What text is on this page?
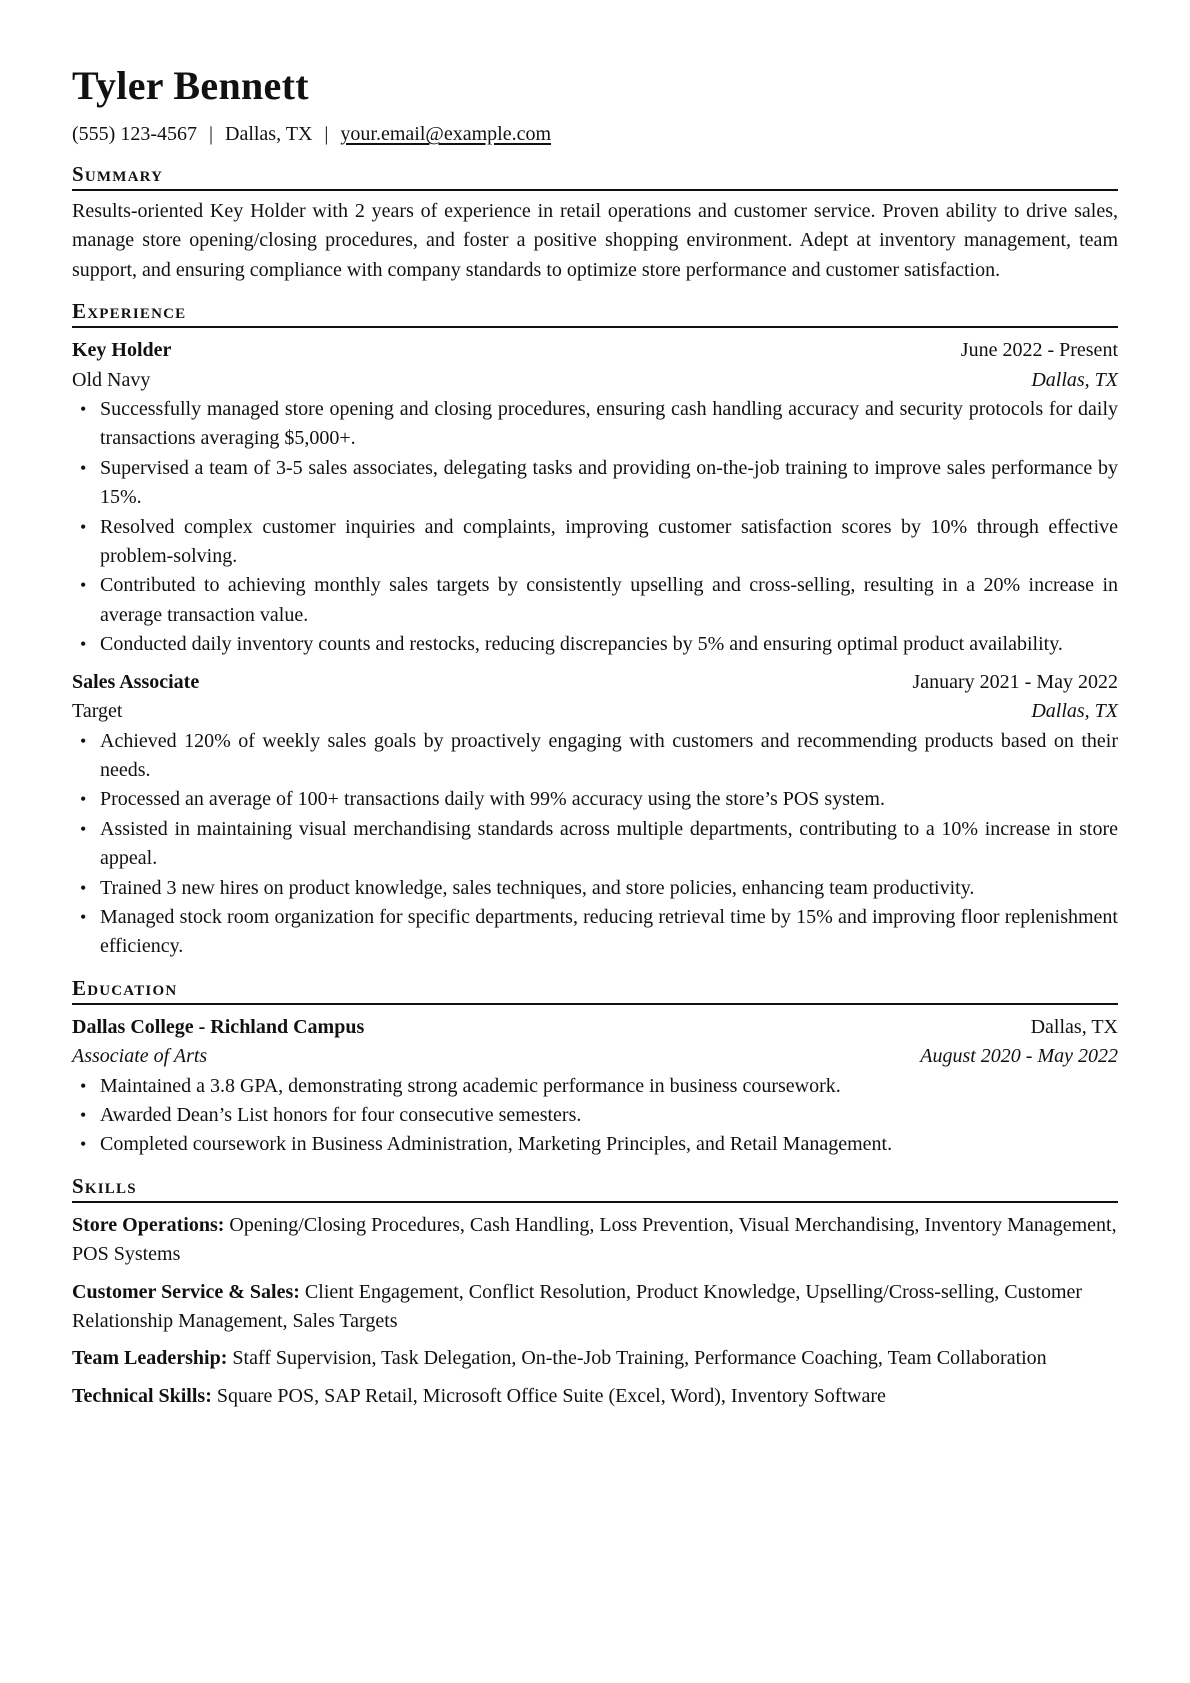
Tyler Bennett
(555) 123-4567 | Dallas, TX | your.email@example.com
Summary

Results-oriented Key Holder with 2 years of experience in retail operations and customer service. Proven ability to drive sales, manage store opening/closing procedures, and foster a positive shopping environment. Adept at inventory management, team support, and ensuring compliance with company standards to optimize store performance and customer satisfaction.

Experience
Key Holder	June 2022 - Present
Old Navy	Dallas, TX
• Successfully managed store opening and closing procedures, ensuring cash handling accuracy and security protocols for daily transactions averaging $5,000+.
• Supervised a team of 3-5 sales associates, delegating tasks and providing on-the-job training to improve sales performance by 15%.
• Resolved complex customer inquiries and complaints, improving customer satisfaction scores by 10% through effective problem-solving.
• Contributed to achieving monthly sales targets by consistently upselling and cross-selling, resulting in a 20% increase in average transaction value.
• Conducted daily inventory counts and restocks, reducing discrepancies by 5% and ensuring optimal product availability.
Sales Associate	January 2021 - May 2022
Target	Dallas, TX
• Achieved 120% of weekly sales goals by proactively engaging with customers and recommending products based on their needs.
• Processed an average of 100+ transactions daily with 99% accuracy using the store’s POS system.
• Assisted in maintaining visual merchandising standards across multiple departments, contributing to a 10% increase in store appeal.
• Trained 3 new hires on product knowledge, sales techniques, and store policies, enhancing team productivity.
• Managed stock room organization for specific departments, reducing retrieval time by 15% and improving floor replenishment efficiency.
Education
Dallas College - Richland Campus	Dallas, TX
Associate of Arts	August 2020 - May 2022
• Maintained a 3.8 GPA, demonstrating strong academic performance in business coursework.
• Awarded Dean’s List honors for four consecutive semesters.
• Completed coursework in Business Administration, Marketing Principles, and Retail Management.
Skills
Store Operations: Opening/Closing Procedures, Cash Handling, Loss Prevention, Visual Merchandising, Inventory Management, POS Systems
Customer Service & Sales: Client Engagement, Conflict Resolution, Product Knowledge, Upselling/Cross-selling, Customer Relationship Management, Sales Targets
Team Leadership: Staff Supervision, Task Delegation, On-the-Job Training, Performance Coaching, Team Collaboration
Technical Skills: Square POS, SAP Retail, Microsoft Office Suite (Excel, Word), Inventory Software
